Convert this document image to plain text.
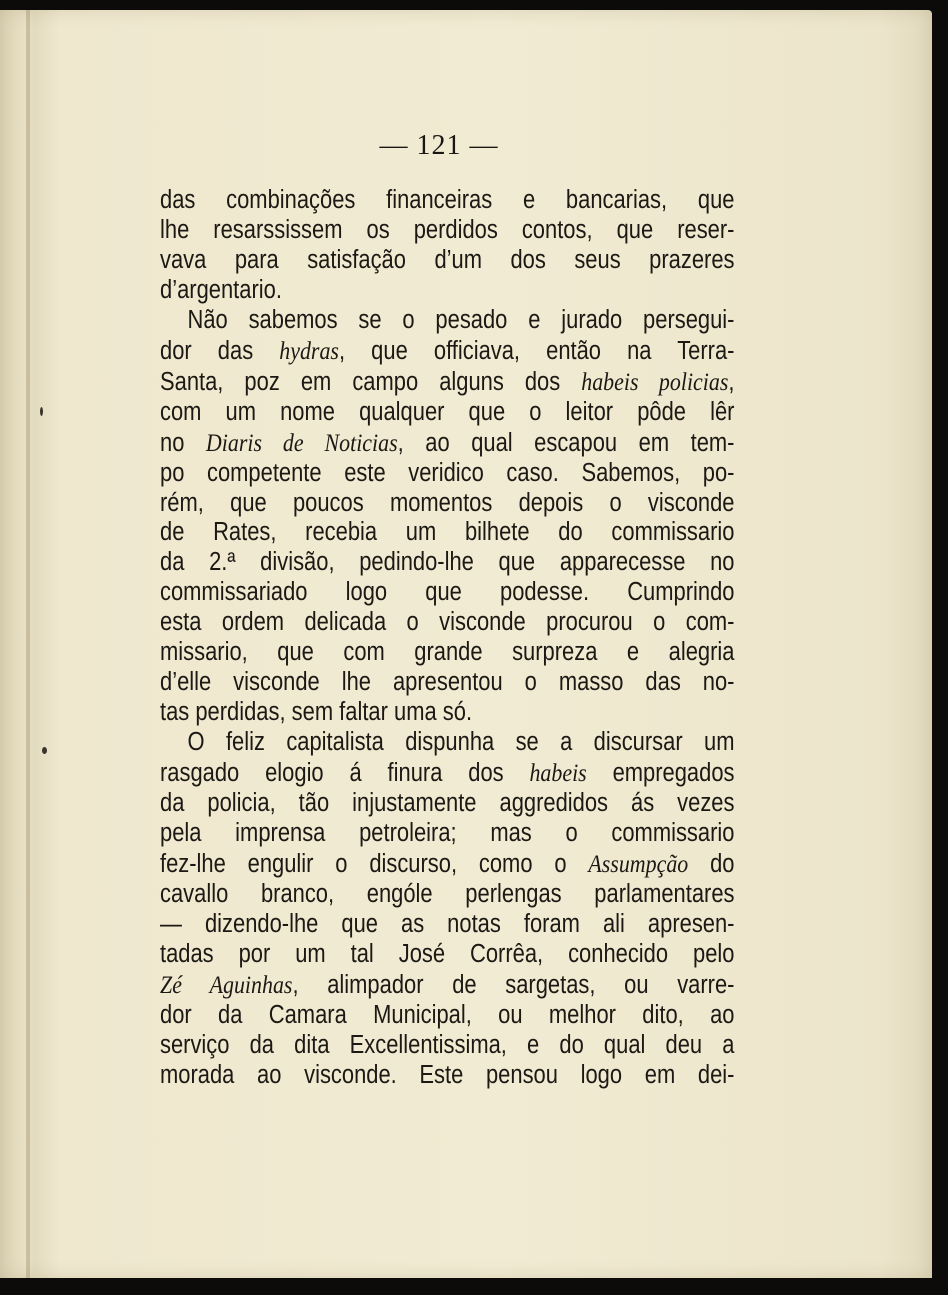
— 121 —
das combinações financeiras e bancarias, que
lhe resarssissem os perdidos contos, que reser-
vava para satisfação d’um dos seus prazeres
d’argentario.
Não sabemos se o pesado e jurado persegui-
dor das hydras, que officiava, então na Terra-
Santa, poz em campo alguns dos habeis policias,
com um nome qualquer que o leitor pôde lêr
no Diaris de Noticias, ao qual escapou em tem-
po competente este veridico caso. Sabemos, po-
rém, que poucos momentos depois o visconde
de Rates, recebia um bilhete do commissario
da 2.ª divisão, pedindo-lhe que apparecesse no
commissariado logo que podesse. Cumprindo
esta ordem delicada o visconde procurou o com-
missario, que com grande surpreza e alegria
d’elle visconde lhe apresentou o masso das no-
tas perdidas, sem faltar uma só.
O feliz capitalista dispunha se a discursar um
rasgado elogio á finura dos habeis empregados
da policia, tão injustamente aggredidos ás vezes
pela imprensa petroleira; mas o commissario
fez-lhe engulir o discurso, como o Assumpção do
cavallo branco, engóle perlengas parlamentares
— dizendo-lhe que as notas foram ali apresen-
tadas por um tal José Corrêa, conhecido pelo
Zé Aguinhas, alimpador de sargetas, ou varre-
dor da Camara Municipal, ou melhor dito, ao
serviço da dita Excellentissima, e do qual deu a
morada ao visconde. Este pensou logo em dei-
